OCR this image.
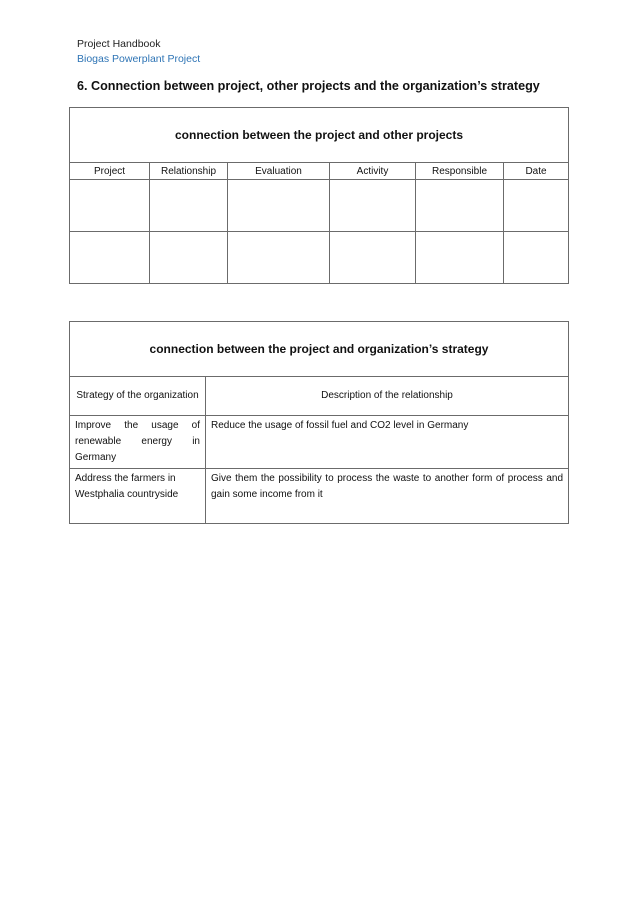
Project Handbook
Biogas Powerplant Project
6. Connection between project, other projects and the organization’s strategy
connection between the project and other projects					
Project	Relationship	Evaluation	Activity	Responsible	Date

connection between the project and organization’s strategy	
Strategy of the organization	Description of the relationship
Improve the usage of renewable energy in Germany	Reduce the usage of fossil fuel and CO2 level in Germany
Address the farmers in Westphalia countryside	Give them the possibility to process the waste to another form of process and gain some income from it
